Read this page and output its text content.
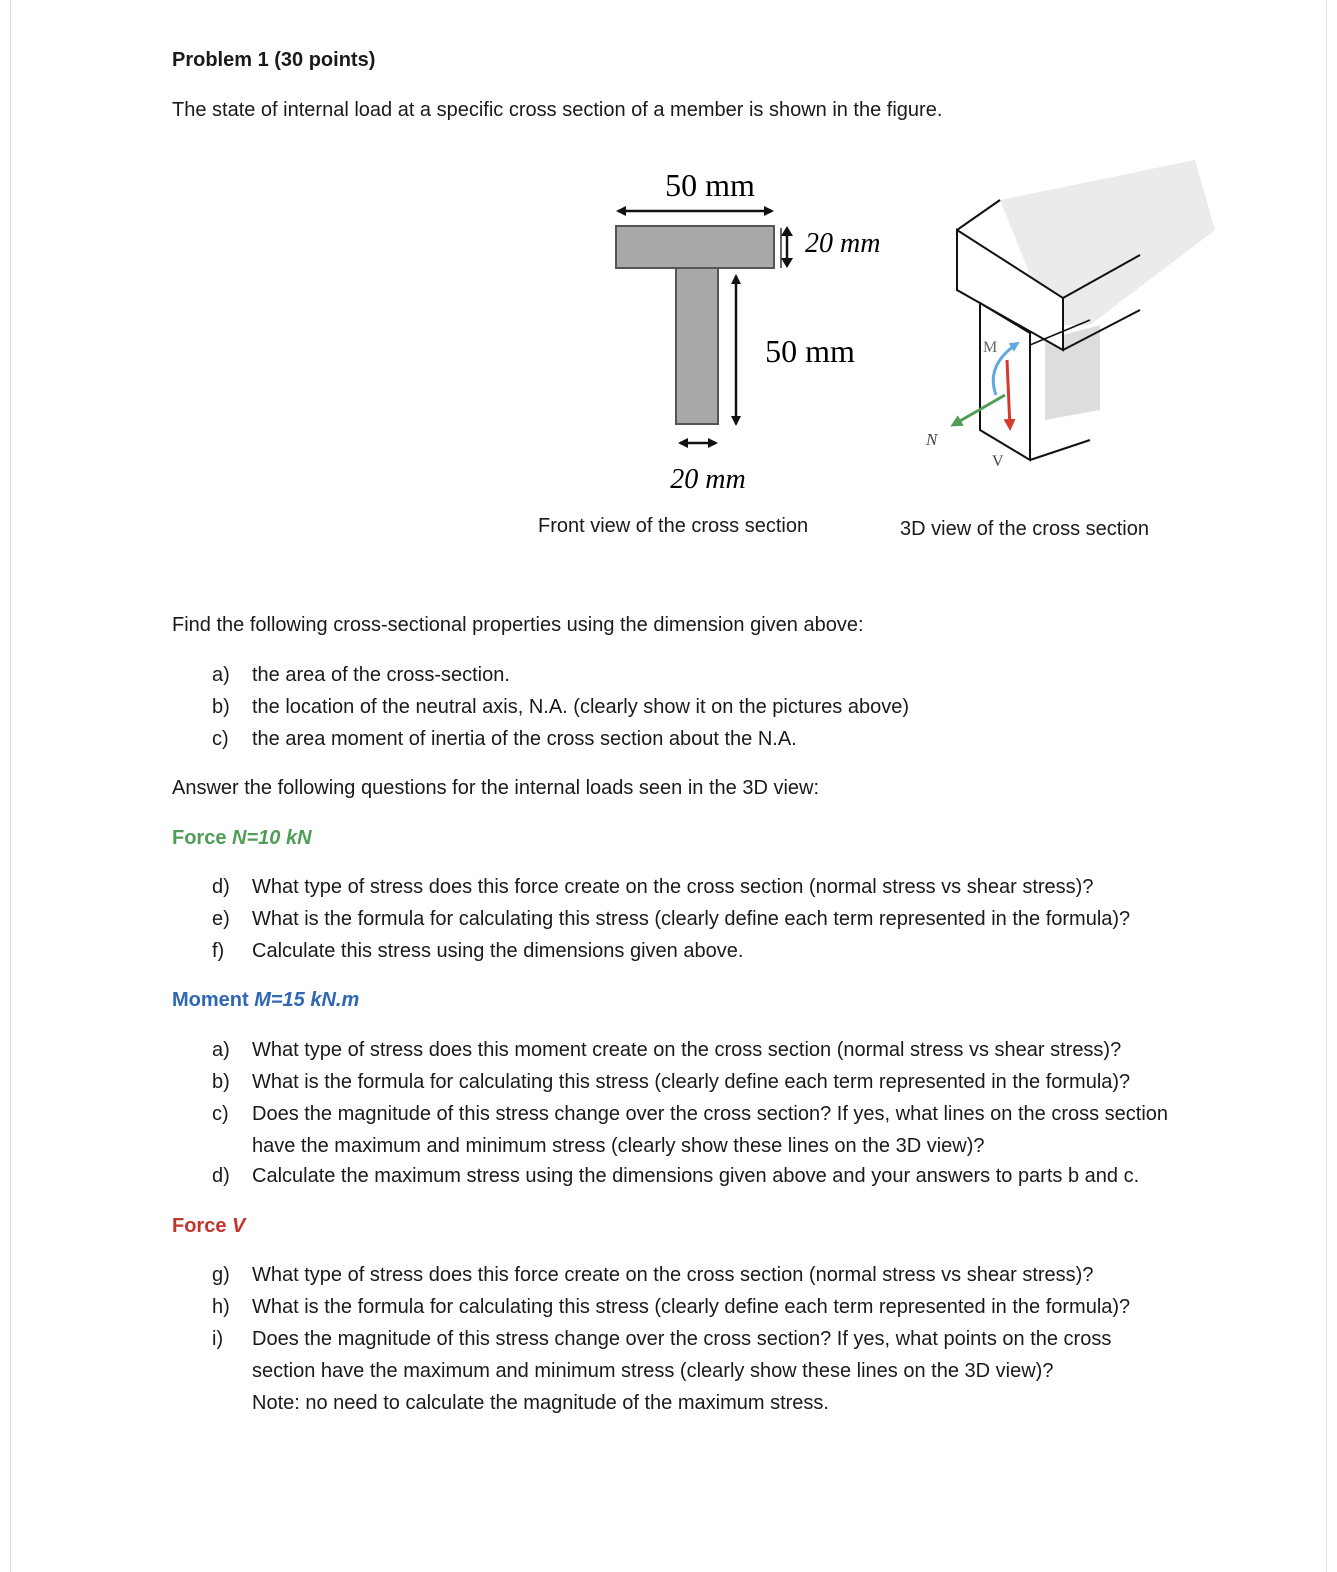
Problem 1 (30 points)
The state of internal load at a specific cross section of a member is shown in the figure.
50 mm
20 mm
50 mm
20 mm
M
N
V
Front view of the cross section	3D view of the cross section
Find the following cross-sectional properties using the dimension given above:
a) the area of the cross-section.
b) the location of the neutral axis, N.A. (clearly show it on the pictures above)
c) the area moment of inertia of the cross section about the N.A.
Answer the following questions for the internal loads seen in the 3D view:
Force N=10 kN
d) What type of stress does this force create on the cross section (normal stress vs shear stress)?
e) What is the formula for calculating this stress (clearly define each term represented in the formula)?
f) Calculate this stress using the dimensions given above.
Moment M=15 kN.m
a) What type of stress does this moment create on the cross section (normal stress vs shear stress)?
b) What is the formula for calculating this stress (clearly define each term represented in the formula)?
c) Does the magnitude of this stress change over the cross section? If yes, what lines on the cross section
have the maximum and minimum stress (clearly show these lines on the 3D view)?
d) Calculate the maximum stress using the dimensions given above and your answers to parts b and c.
Force V
g) What type of stress does this force create on the cross section (normal stress vs shear stress)?
h) What is the formula for calculating this stress (clearly define each term represented in the formula)?
i) Does the magnitude of this stress change over the cross section? If yes, what points on the cross
section have the maximum and minimum stress (clearly show these lines on the 3D view)?
Note: no need to calculate the magnitude of the maximum stress.
